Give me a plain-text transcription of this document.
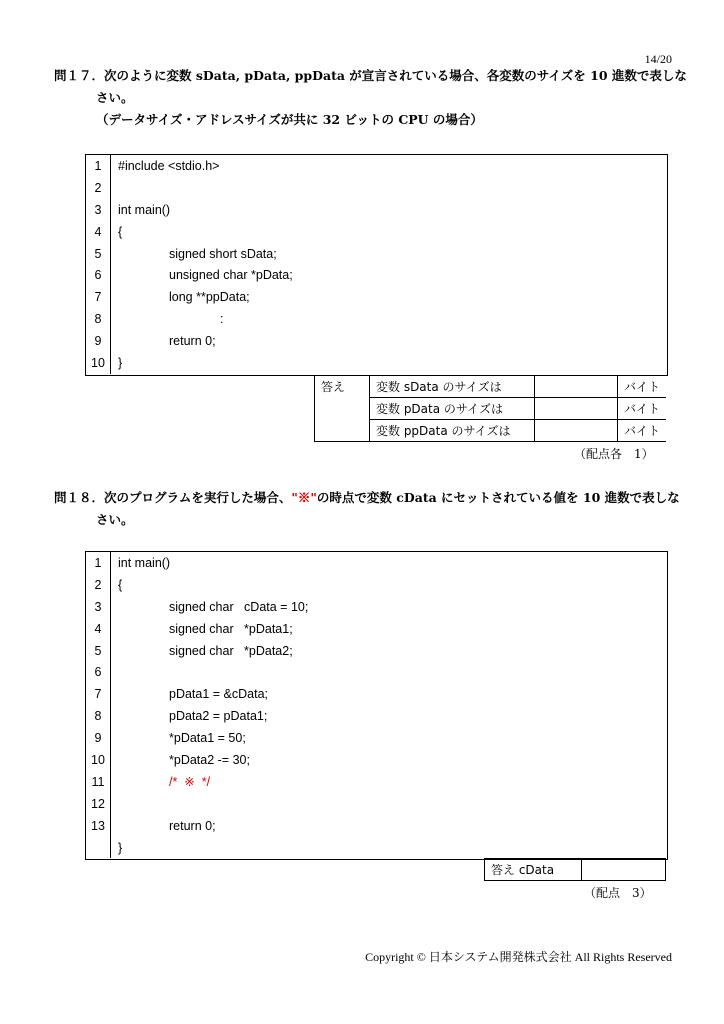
14/20
問１７．次のように変数 sData, pData, ppData が宣言されている場合、各変数のサイズを 10 進数で表しな
さい。
（データサイズ・アドレスサイズが共に 32 ビットの CPU の場合）
1	#include <stdio.h>
2	
3	int main()
4	{
5	signed short sData;
6	unsigned char *pData;
7	long **ppData;
8	:
9	return 0;
10	}
答え	変数 sData のサイズは		バイト
	変数 pData のサイズは		バイト
	変数 ppData のサイズは		バイト
（配点各　1）
問１８．次のプログラムを実行した場合、"※"の時点で変数 cData にセットされている値を 10 進数で表しな
さい。
1	int main()
2	{
3	signed char   cData = 10;
4	signed char   *pData1;
5	signed char   *pData2;
6	
7	pData1 = &cData;
8	pData2 = pData1;
9	*pData1 = 50;
10	*pData2 -= 30;
11	/*  ※  */
12	
13	return 0;
	}
答え cData	
（配点　3）
Copyright © 日本システム開発株式会社 All Rights Reserved
